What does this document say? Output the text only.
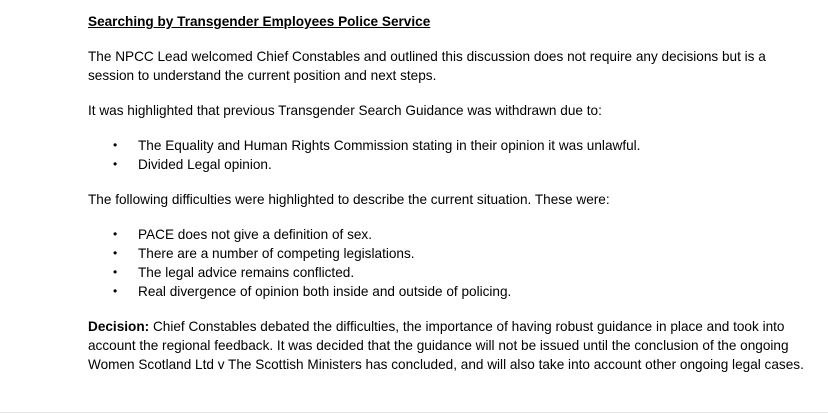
Searching by Transgender Employees Police Service

The NPCC Lead welcomed Chief Constables and outlined this discussion does not require any decisions but is a session to understand the current position and next steps.

It was highlighted that previous Transgender Search Guidance was withdrawn due to:

• The Equality and Human Rights Commission stating in their opinion it was unlawful.
• Divided Legal opinion.

The following difficulties were highlighted to describe the current situation. These were:

• PACE does not give a definition of sex.
• There are a number of competing legislations.
• The legal advice remains conflicted.
• Real divergence of opinion both inside and outside of policing.

Decision: Chief Constables debated the difficulties, the importance of having robust guidance in place and took into account the regional feedback. It was decided that the guidance will not be issued until the conclusion of the ongoing Women Scotland Ltd v The Scottish Ministers has concluded, and will also take into account other ongoing legal cases.
